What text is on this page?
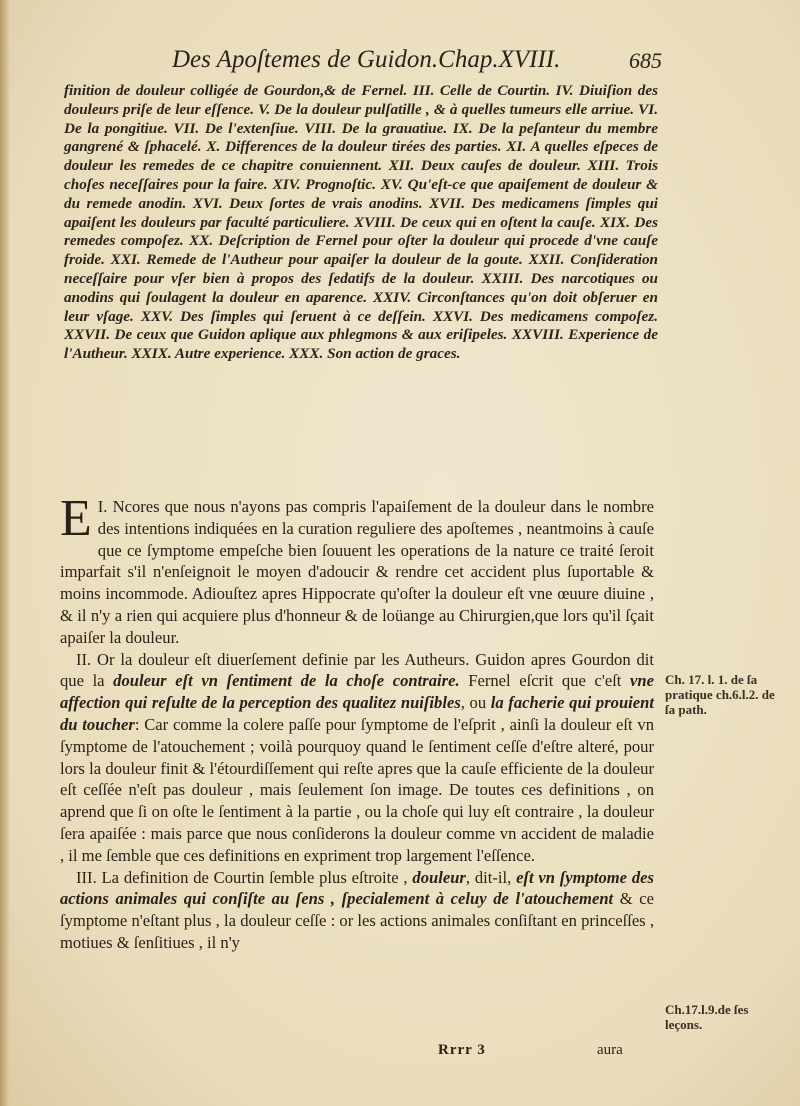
Des Apoſtemes de Guidon.Chap.XVIII.	685
finition de douleur colligée de Gourdon,& de Fernel. III. Celle de Courtin. IV. Diuiſion des douleurs priſe de leur eſſence. V. De la douleur pulſatille , & à quelles tumeurs elle arriue. VI. De la pongitiue. VII. De l'extenſiue. VIII. De la grauatiue. IX. De la peſanteur du membre gangrené & ſphacelé. X. Differences de la douleur tirées des parties. XI. A quelles eſpeces de douleur les remedes de ce chapitre conuiennent. XII. Deux cauſes de douleur. XIII. Trois choſes neceſſaires pour la faire. XIV. Prognoſtic. XV. Qu'eſt-ce que apaiſement de douleur & du remede anodin. XVI. Deux ſortes de vrais anodins. XVII. Des medicamens ſimples qui apaiſent les douleurs par faculté particuliere. XVIII. De ceux qui en oſtent la cauſe. XIX. Des remedes compoſez. XX. Deſcription de Fernel pour oſter la douleur qui procede d'vne cauſe froide. XXI. Remede de l'Autheur pour apaiſer la douleur de la goute. XXII. Conſideration neceſſaire pour vſer bien à propos des ſedatifs de la douleur. XXIII. Des narcotiques ou anodins qui ſoulagent la douleur en aparence. XXIV. Circonſtances qu'on doit obſeruer en leur vſage. XXV. Des ſimples qui ſeruent à ce deſſein. XXVI. Des medicamens compoſez. XXVII. De ceux que Guidon aplique aux phlegmons & aux eriſipeles. XXVIII. Experience de l'Autheur. XXIX. Autre experience. XXX. Son action de graces.

I.
E Ncores que nous n'ayons pas compris l'apaiſement de la douleur dans le nombre des intentions indiquées en la curation reguliere des apoſtemes , neantmoins à cauſe que ce ſymptome empeſche bien ſouuent les operations de la nature ce traité ſeroit imparfait s'il n'enſeignoit le moyen d'adoucir & rendre cet accident plus ſuportable & moins incommode. Adiouſtez apres Hippocrate qu'oſter la douleur eſt vne œuure diuine , & il n'y a rien qui acquiere plus d'honneur & de loüange au Chirurgien,que lors qu'il ſçait apaiſer la douleur.

II. Or la douleur eſt diuerſement definie par les Autheurs. Guidon apres Gourdon dit que la douleur eſt vn ſentiment de la choſe contraire. Fernel eſcrit que c'eſt vne affection qui reſulte de la perception des qualitez nuiſibles, ou la facherie qui prouient du toucher: Car comme la colere paſſe pour ſymptome de l'eſprit , ainſi la douleur eſt vn ſymptome de l'atouchement ; voilà pourquoy quand le ſentiment ceſſe d'eſtre alteré, pour lors la douleur finit & l'étourdiſſement qui reſte apres que la cauſe efficiente de la douleur eſt ceſſée n'eſt pas douleur , mais ſeulement ſon image. De toutes ces definitions , on aprend que ſi on oſte le ſentiment à la partie , ou la choſe qui luy eſt contraire , la douleur ſera apaiſée : mais parce que nous conſiderons la douleur comme vn accident de maladie , il me ſemble que ces definitions en expriment trop largement l'eſſence.

III. La definition de Courtin ſemble plus eſtroite , douleur, dit-il, eſt vn ſymptome des actions animales qui conſiſte au ſens , ſpecialement à celuy de l'atouchement & ce ſymptome n'eſtant plus , la douleur ceſſe : or les actions animales conſiſtant en princeſſes , motiues & ſenſitiues , il n'y

Ch. 17. l. 1. de ſa pratique ch.6.l.2. de ſa path.
Ch.17.l.9.de ſes leçons.
Rrrr 3	aura
